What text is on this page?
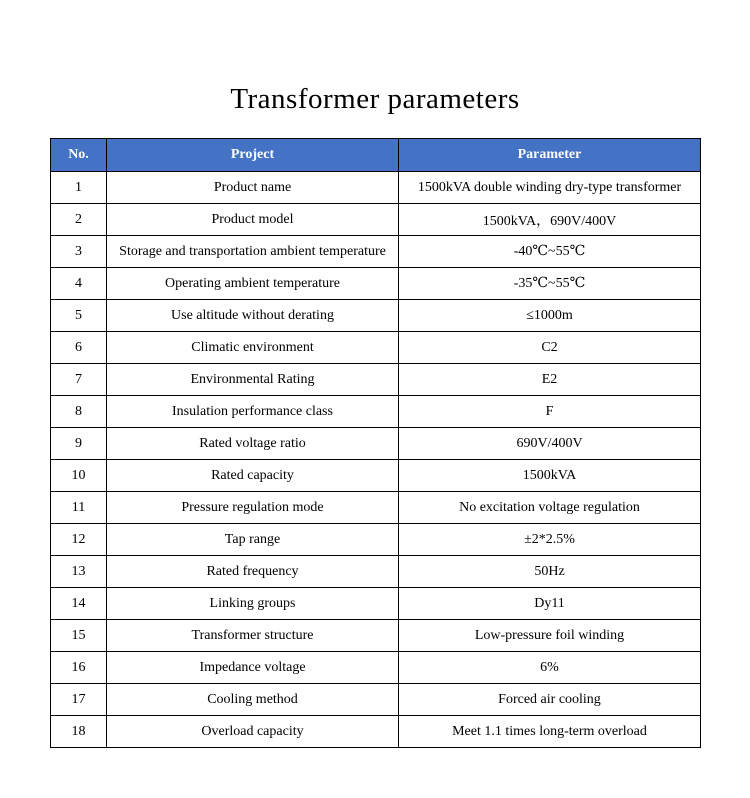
Transformer parameters
No.	Project	Parameter
1	Product name	1500kVA double winding dry-type transformer
2	Product model	1500kVA，690V/400V
3	Storage and transportation ambient temperature	-40℃~55℃
4	Operating ambient temperature	-35℃~55℃
5	Use altitude without derating	≤1000m
6	Climatic environment	C2
7	Environmental Rating	E2
8	Insulation performance class	F
9	Rated voltage ratio	690V/400V
10	Rated capacity	1500kVA
11	Pressure regulation mode	No excitation voltage regulation
12	Tap range	±2*2.5%
13	Rated frequency	50Hz
14	Linking groups	Dy11
15	Transformer structure	Low-pressure foil winding
16	Impedance voltage	6%
17	Cooling method	Forced air cooling
18	Overload capacity	Meet 1.1 times long-term overload
